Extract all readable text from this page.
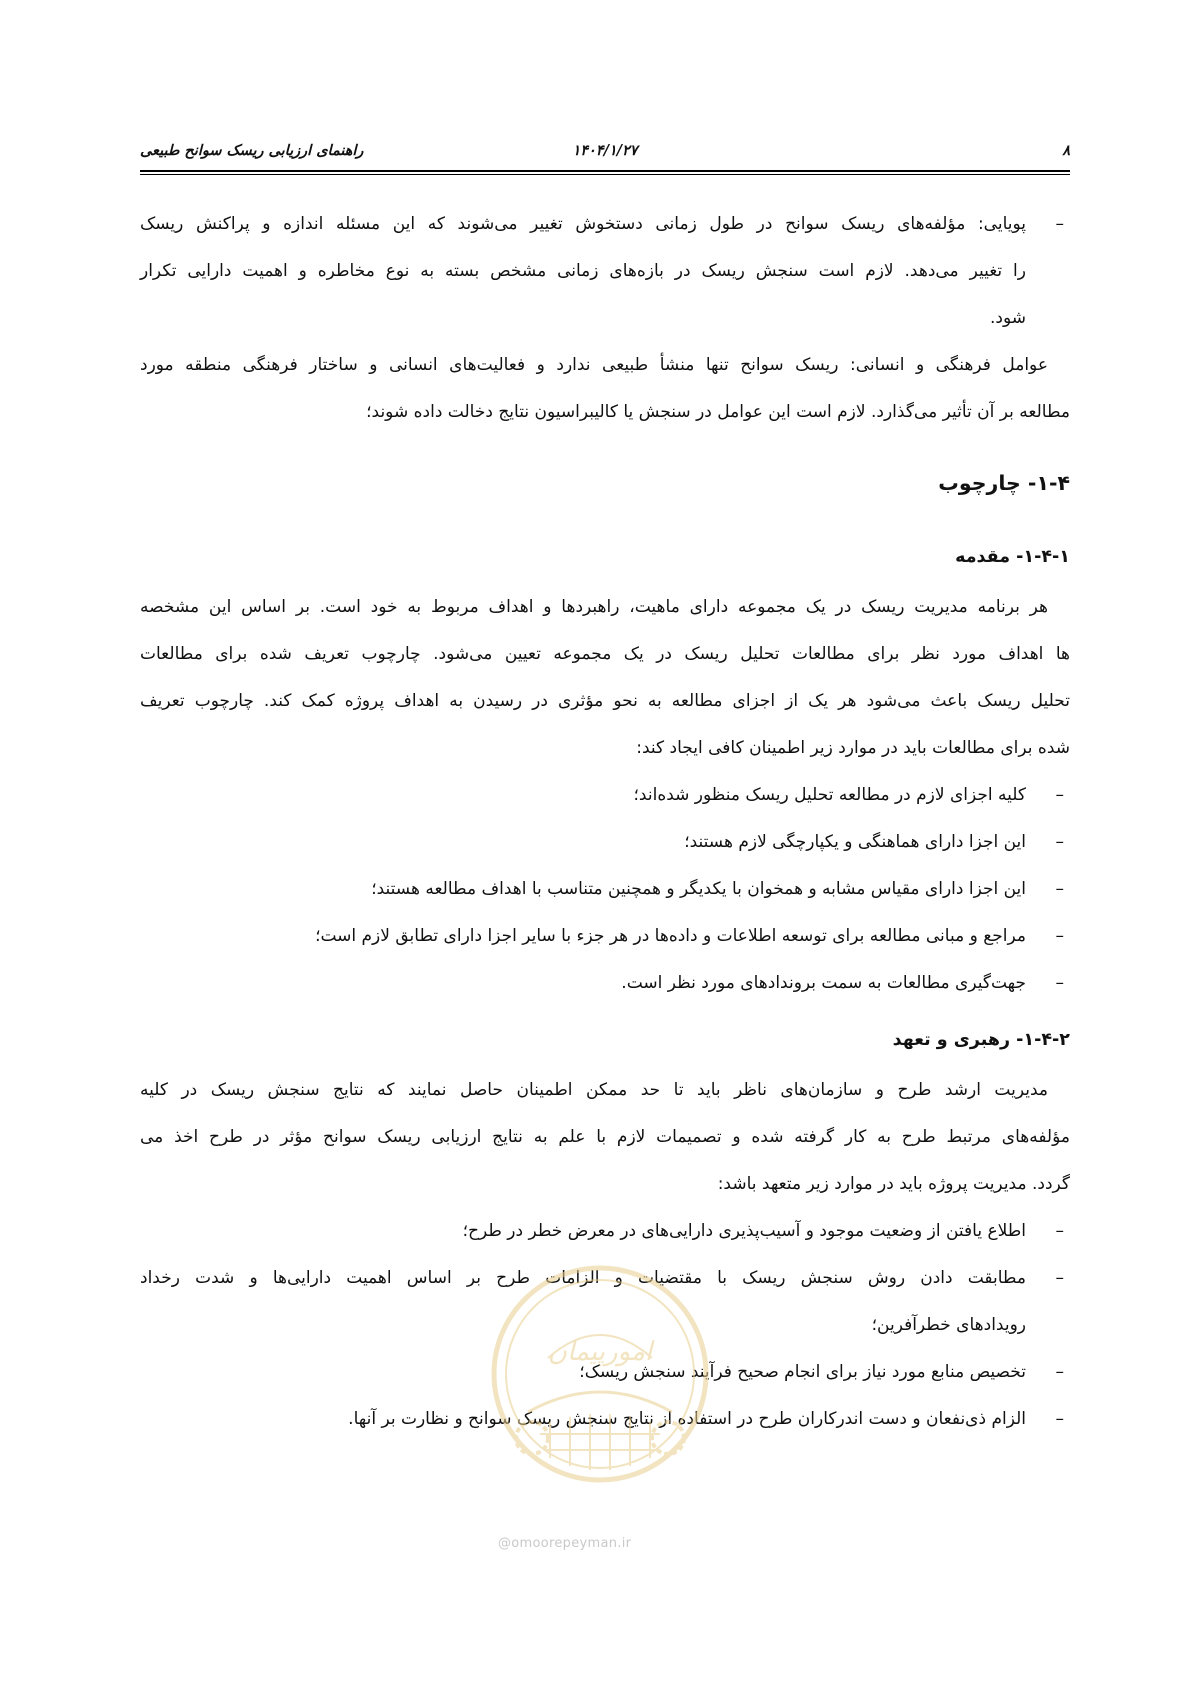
۸
۱۴۰۴/۱/۲۷
راهنمای ارزیابی ریسک سوانح طبیعی
–
پویایی: مؤلفه‌های ریسک سوانح در طول زمانی دستخوش تغییر می‌شوند که این مسئله اندازه و پراکنش ریسک
را تغییر می‌دهد. لازم است سنجش ریسک در بازه‌های زمانی مشخص بسته به نوع مخاطره و اهمیت دارایی تکرار
شود.
عوامل فرهنگی و انسانی: ریسک سوانح تنها منشأ طبیعی ندارد و فعالیت‌های انسانی و ساختار فرهنگی منطقه مورد
مطالعه بر آن تأثیر می‌گذارد. لازم است این عوامل در سنجش یا کالیبراسیون نتایج دخالت داده شوند؛
۱-۴- چارچوب
۱-۴-۱- مقدمه
هر برنامه مدیریت ریسک در یک مجموعه دارای ماهیت، راهبردها و اهداف مربوط به خود است. بر اساس این مشخصه
ها اهداف مورد نظر برای مطالعات تحلیل ریسک در یک مجموعه تعیین می‌شود. چارچوب تعریف شده برای مطالعات
تحلیل ریسک باعث می‌شود هر یک از اجزای مطالعه به نحو مؤثری در رسیدن به اهداف پروژه کمک کند. چارچوب تعریف
شده برای مطالعات باید در موارد زیر اطمینان کافی ایجاد کند:
–
کلیه اجزای لازم در مطالعه تحلیل ریسک منظور شده‌اند؛
–
این اجزا دارای هماهنگی و یکپارچگی لازم هستند؛
–
این اجزا دارای مقیاس مشابه و همخوان با یکدیگر و همچنین متناسب با اهداف مطالعه هستند؛
–
مراجع و مبانی مطالعه برای توسعه اطلاعات و داده‌ها در هر جزء با سایر اجزا دارای تطابق لازم است؛
–
جهت‌گیری مطالعات به سمت بروندادهای مورد نظر است.
۱-۴-۲- رهبری و تعهد
مدیریت ارشد طرح و سازمان‌های ناظر باید تا حد ممکن اطمینان حاصل نمایند که نتایج سنجش ریسک در کلیه
مؤلفه‌های مرتبط طرح به کار گرفته شده و تصمیمات لازم با علم به نتایج ارزیابی ریسک سوانح مؤثر در طرح اخذ می
گردد. مدیریت پروژه باید در موارد زیر متعهد باشد:
–
اطلاع یافتن از وضعیت موجود و آسیب‌پذیری دارایی‌های در معرض خطر در طرح؛
–
مطابقت دادن روش سنجش ریسک با مقتضیات و الزامات طرح بر اساس اهمیت دارایی‌ها و شدت رخداد
رویدادهای خطرآفرین؛
–
تخصیص منابع مورد نیاز برای انجام صحیح فرآیند سنجش ریسک؛
–
الزام ذی‌نفعان و دست اندرکاران طرح در استفاده از نتایج سنجش ریسک سوانح و نظارت بر آنها.
امورپیمان
@omoorepeyman.ir
